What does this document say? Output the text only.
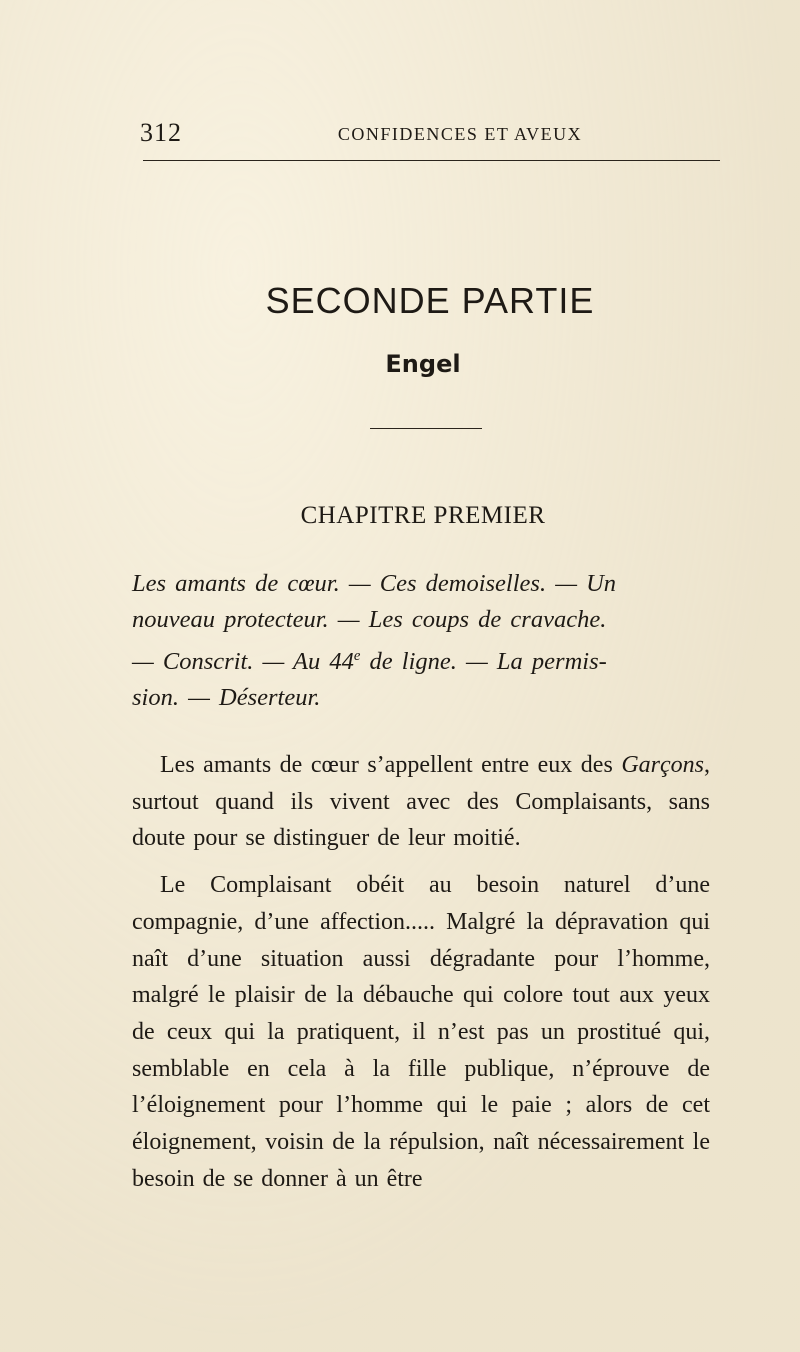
312	CONFIDENCES ET AVEUX
SECONDE PARTIE
Engel
CHAPITRE PREMIER
Les amants de cœur. — Ces demoiselles. — Un
nouveau protecteur. — Les coups de cravache.
— Conscrit. — Au 44e de ligne. — La permis-
sion. — Déserteur.

Les amants de cœur s’appellent entre eux des Garçons, surtout quand ils vivent avec des Complaisants, sans doute pour se distinguer de leur moitié.

Le Complaisant obéit au besoin naturel d’une compagnie, d’une affection..... Malgré la dépravation qui naît d’une situation aussi dégradante pour l’homme, malgré le plaisir de la débauche qui colore tout aux yeux de ceux qui la pratiquent, il n’est pas un prostitué qui, semblable en cela à la fille publique, n’éprouve de l’éloignement pour l’homme qui le paie ; alors de cet éloignement, voisin de la répulsion, naît nécessairement le besoin de se donner à un être
